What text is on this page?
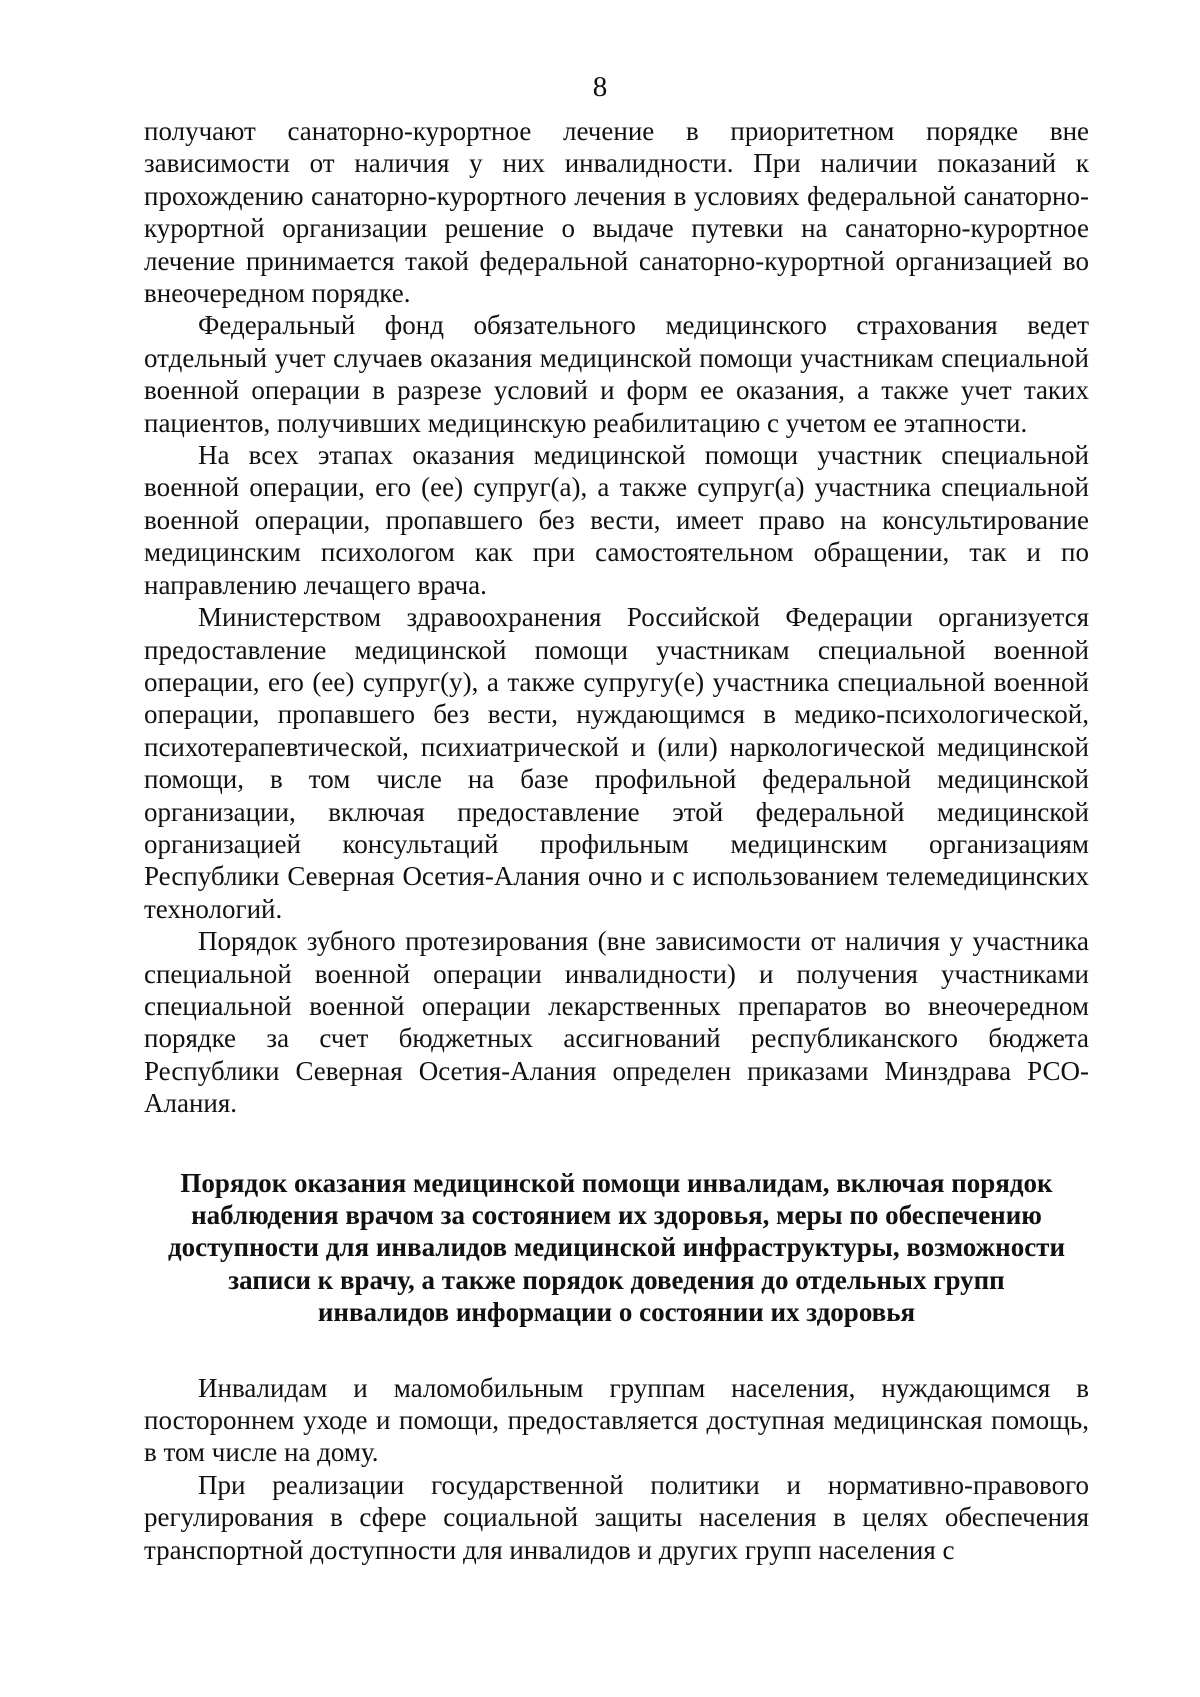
8

получают санаторно-курортное лечение в приоритетном порядке вне зависимости от наличия у них инвалидности. При наличии показаний к прохождению санаторно-курортного лечения в условиях федеральной санаторно-курортной организации решение о выдаче путевки на санаторно-курортное лечение принимается такой федеральной санаторно-курортной организацией во внеочередном порядке.

Федеральный фонд обязательного медицинского страхования ведет отдельный учет случаев оказания медицинской помощи участникам специальной военной операции в разрезе условий и форм ее оказания, а также учет таких пациентов, получивших медицинскую реабилитацию с учетом ее этапности.

На всех этапах оказания медицинской помощи участник специальной военной операции, его (ее) супруг(а), а также супруг(а) участника специальной военной операции, пропавшего без вести, имеет право на консультирование медицинским психологом как при самостоятельном обращении, так и по направлению лечащего врача.

Министерством здравоохранения Российской Федерации организуется предоставление медицинской помощи участникам специальной военной операции, его (ее) супруг(у), а также супругу(е) участника специальной военной операции, пропавшего без вести, нуждающимся в медико-психологической, психотерапевтической, психиатрической и (или) наркологической медицинской помощи, в том числе на базе профильной федеральной медицинской организации, включая предоставление этой федеральной медицинской организацией консультаций профильным медицинским организациям Республики Северная Осетия-Алания очно и с использованием телемедицинских технологий.

Порядок зубного протезирования (вне зависимости от наличия у участника специальной военной операции инвалидности) и получения участниками специальной военной операции лекарственных препаратов во внеочередном порядке за счет бюджетных ассигнований республиканского бюджета Республики Северная Осетия-Алания определен приказами Минздрава РСО-Алания.

Порядок оказания медицинской помощи инвалидам, включая порядок
наблюдения врачом за состоянием их здоровья, меры по обеспечению
доступности для инвалидов медицинской инфраструктуры, возможности
записи к врачу, а также порядок доведения до отдельных групп
инвалидов информации о состоянии их здоровья

Инвалидам и маломобильным группам населения, нуждающимся в постороннем уходе и помощи, предоставляется доступная медицинская помощь, в том числе на дому.

При реализации государственной политики и нормативно-правового регулирования в сфере социальной защиты населения в целях обеспечения транспортной доступности для инвалидов и других групп населения с
